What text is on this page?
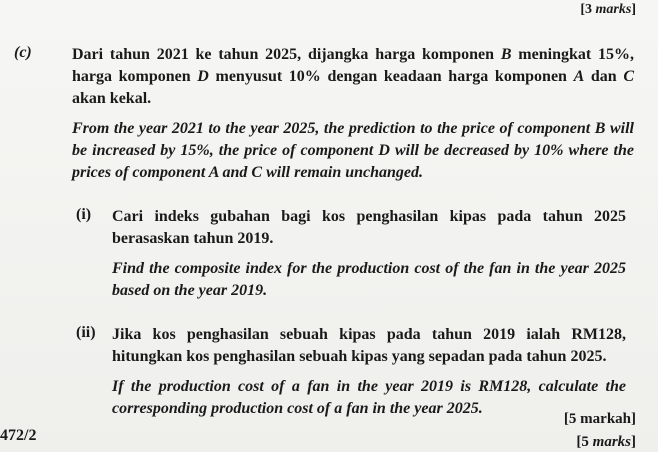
[3 marks]
(c)	Dari tahun 2021 ke tahun 2025, dijangka harga komponen B meningkat 15%, harga komponen D menyusut 10% dengan keadaan harga komponen A dan C akan kekal.
From the year 2021 to the year 2025, the prediction to the price of component B will be increased by 15%, the price of component D will be decreased by 10% where the prices of component A and C will remain unchanged.
(i) Cari indeks gubahan bagi kos penghasilan kipas pada tahun 2025 berasaskan tahun 2019.
Find the composite index for the production cost of the fan in the year 2025 based on the year 2019.
(ii) Jika kos penghasilan sebuah kipas pada tahun 2019 ialah RM128, hitungkan kos penghasilan sebuah kipas yang sepadan pada tahun 2025.
If the production cost of a fan in the year 2019 is RM128, calculate the corresponding production cost of a fan in the year 2025.
[5 markah]
[5 marks]
472/2
